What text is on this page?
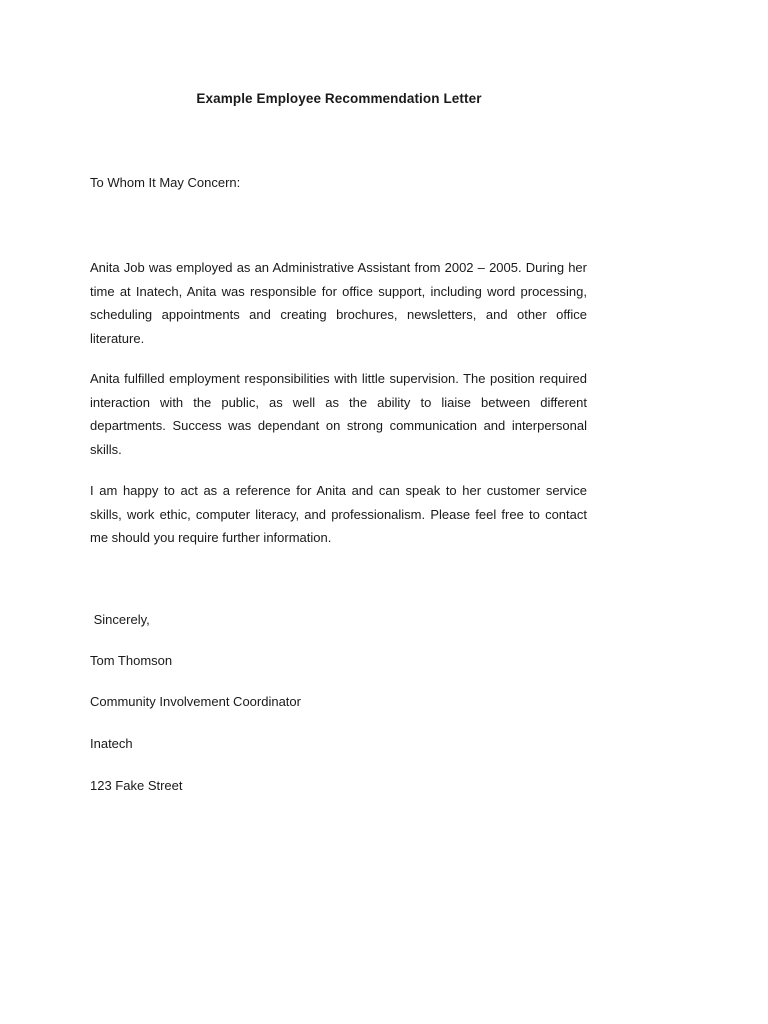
Example Employee Recommendation Letter
To Whom It May Concern:
Anita Job was employed as an Administrative Assistant from 2002 – 2005. During her time at Inatech, Anita was responsible for office support, including word processing, scheduling appointments and creating brochures, newsletters, and other office literature.
Anita fulfilled employment responsibilities with little supervision. The position required interaction with the public, as well as the ability to liaise between different departments. Success was dependant on strong communication and interpersonal skills.
I am happy to act as a reference for Anita and can speak to her customer service skills, work ethic, computer literacy, and professionalism. Please feel free to contact me should you require further information.
Sincerely,
Tom Thomson
Community Involvement Coordinator
Inatech
123 Fake Street
